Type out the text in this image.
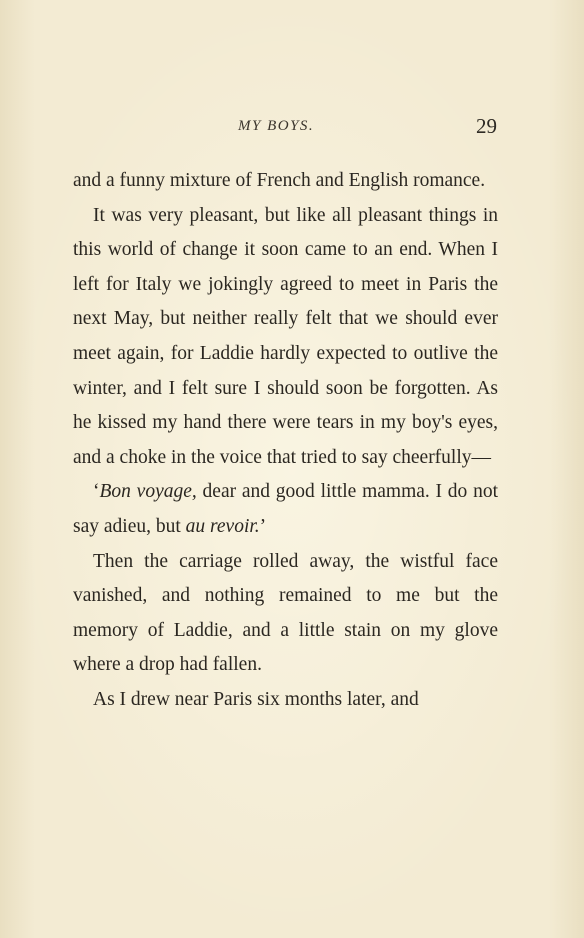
MY BOYS.	29

and a funny mixture of French and English romance.

It was very pleasant, but like all pleasant things in this world of change it soon came to an end. When I left for Italy we jokingly agreed to meet in Paris the next May, but neither really felt that we should ever meet again, for Laddie hardly expected to outlive the winter, and I felt sure I should soon be forgotten. As he kissed my hand there were tears in my boy's eyes, and a choke in the voice that tried to say cheerfully—

‘Bon voyage, dear and good little mamma. I do not say adieu, but au revoir.’

Then the carriage rolled away, the wistful face vanished, and nothing remained to me but the memory of Laddie, and a little stain on my glove where a drop had fallen.

As I drew near Paris six months later, and
